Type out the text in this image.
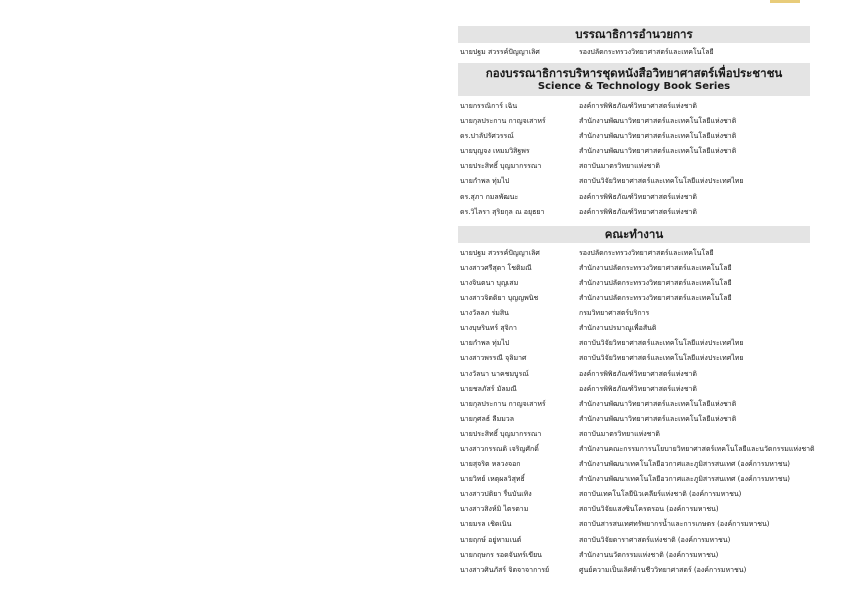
บรรณาธิการอำนวยการ
นายปฐม สวรรค์ปัญญาเลิศ	รองปลัดกระทรวงวิทยาศาสตร์และเทคโนโลยี
กองบรรณาธิการบริหารชุดหนังสือวิทยาศาสตร์เพื่อประชาชน
Science & Technology Book Series
นายกรรณิการ์ เฉิน	องค์การพิพิธภัณฑ์วิทยาศาสตร์แห่งชาติ
นายกุลประกาน กาญจเสาหร์	สำนักงานพัฒนาวิทยาศาสตร์และเทคโนโลยีแห่งชาติ
ดร.ปาลัปรัศวรรณ์	สำนักงานพัฒนาวิทยาศาสตร์และเทคโนโลยีแห่งชาติ
นายบุญจง เหมมวิสิฐพร	สำนักงานพัฒนาวิทยาศาสตร์และเทคโนโลยีแห่งชาติ
นายประสิทธิ์ บุญมากรรณา	สถาบันมาตรวิทยาแห่งชาติ
นายกำพล ทุ่มไป	สถาบันวิจัยวิทยาศาสตร์และเทคโนโลยีแห่งประเทศไทย
ดร.สุภา กมลพัฒนะ	องค์การพิพิธภัณฑ์วิทยาศาสตร์แห่งชาติ
ดร.วิไลรา สุริยกุล ณ อยุธยา	องค์การพิพิธภัณฑ์วิทยาศาสตร์แห่งชาติ
คณะทำงาน
นายปฐม สวรรค์ปัญญาเลิศ	รองปลัดกระทรวงวิทยาศาสตร์และเทคโนโลยี
นางสาวศรีสุดา โชติมณี	สำนักงานปลัดกระทรวงวิทยาศาสตร์และเทคโนโลยี
นางจินตนา บุญเสม	สำนักงานปลัดกระทรวงวิทยาศาสตร์และเทคโนโลยี
นางสาวจิตติยา บุญญพนิช	สำนักงานปลัดกระทรวงวิทยาศาสตร์และเทคโนโลยี
นางวัลลภ ร่มสิน	กรมวิทยาศาสตร์บริการ
นางบุษรินทร์ สุจิกา	สำนักงานปรมาณูเพื่อสันติ
นายกำพล ทุ่มไป	สถาบันวิจัยวิทยาศาสตร์และเทคโนโลยีแห่งประเทศไทย
นางสาวพรรณี จุลิมาศ	สถาบันวิจัยวิทยาศาสตร์และเทคโนโลยีแห่งประเทศไทย
นางวัลนา นาคชมบูรณ์	องค์การพิพิธภัณฑ์วิทยาศาสตร์แห่งชาติ
นายชลภัสร์ มัลมณี	องค์การพิพิธภัณฑ์วิทยาศาสตร์แห่งชาติ
นายกุลประกาน กาญจเสาหร์	สำนักงานพัฒนาวิทยาศาสตร์และเทคโนโลยีแห่งชาติ
นายกุศลธ์ ลีมมวล	สำนักงานพัฒนาวิทยาศาสตร์และเทคโนโลยีแห่งชาติ
นายประสิทธิ์ บุญมากรรณา	สถาบันมาตรวิทยาแห่งชาติ
นางสาวกรรณดิ เจริญศักดิ์	สำนักงานคณะกรรมการนโยบายวิทยาศาสตร์เทคโนโลยีและนวัตกรรมแห่งชาติ
นายสุจริต หลวงจอก	สำนักงานพัฒนาเทคโนโลยีอวกาศและภูมิสารสนเทศ (องค์การมหาชน)
นายวิทย์ เหตุผลวิสุทธิ์	สำนักงานพัฒนาเทคโนโลยีอวกาศและภูมิสารสนเทศ (องค์การมหาชน)
นางสาวปติยา รื่นบันเทิง	สถาบันเทคโนโลยีนิวเคลียร์แห่งชาติ (องค์การมหาชน)
นางสาวสิงห์มิ ไตรตาม	สถาบันวิจัยแสงซินโครตรอน (องค์การมหาชน)
นายมรล เชิดเนิน	สถาบันสารสนเทศทรัพยากรน้ำและการเกษตร (องค์การมหาชน)
นายฤกษ์ อยู่หามเนต์	สถาบันวิจัยดาราศาสตร์แห่งชาติ (องค์การมหาชน)
นายกฤษกร รอดจันทร์เขียน	สำนักงานนวัตกรรมแห่งชาติ (องค์การมหาชน)
นางสาวศินภัสร์ จิตจาจาการย์	ศูนย์ความเป็นเลิศด้านชีววิทยาศาสตร์ (องค์การมหาชน)
